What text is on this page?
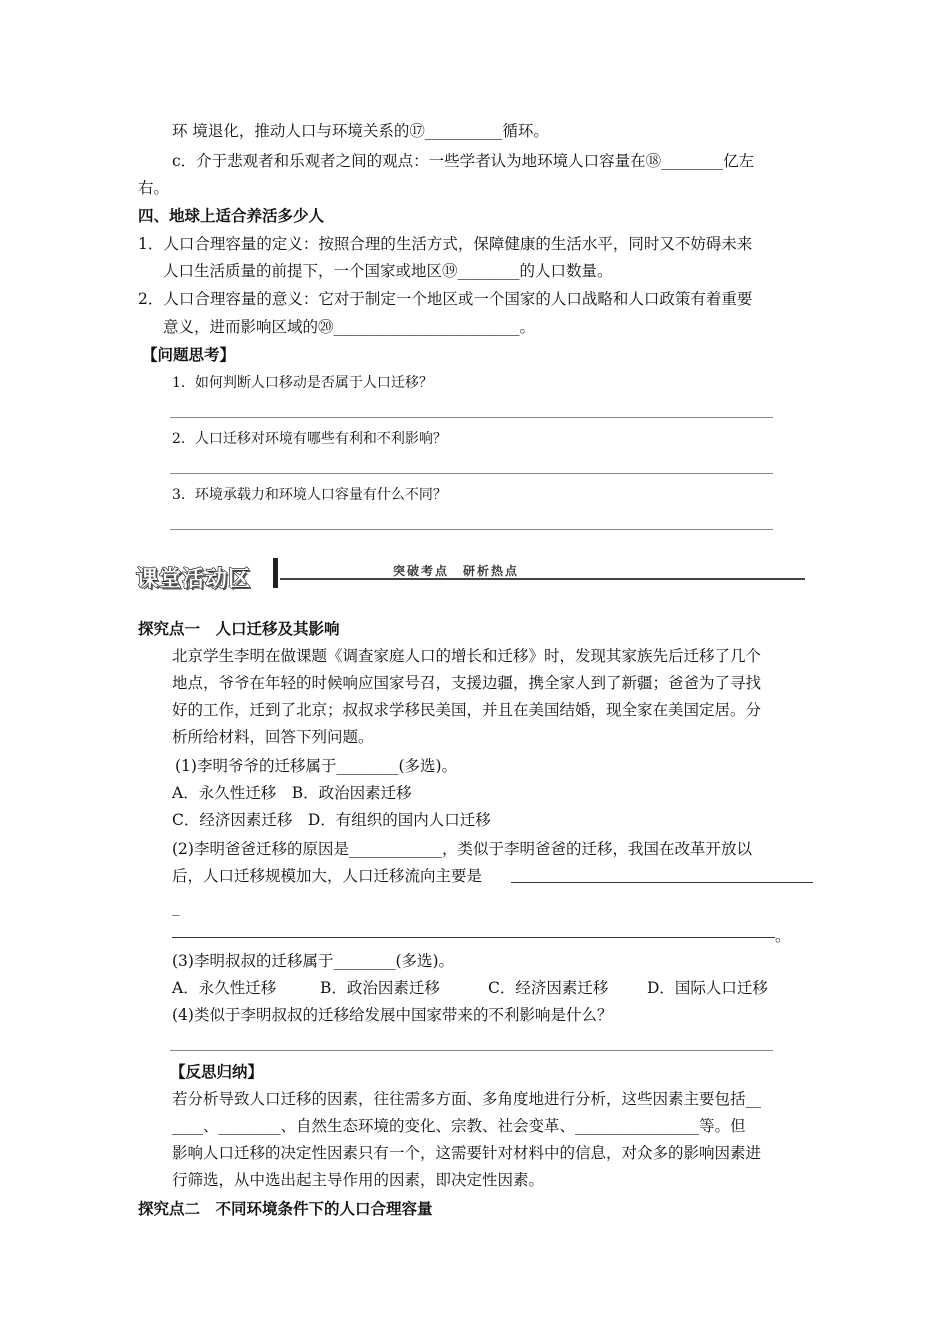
环 境退化，推动人口与环境关系的⑰__________循环。
c．介于悲观者和乐观者之间的观点：一些学者认为地环境人口容量在⑱________亿左
右。
四、地球上适合养活多少人
1．人口合理容量的定义：按照合理的生活方式，保障健康的生活水平，同时又不妨碍未来
人口生活质量的前提下，一个国家或地区⑲________的人口数量。
2．人口合理容量的意义：它对于制定一个地区或一个国家的人口战略和人口政策有着重要
意义，进而影响区域的⑳________________________。
【问题思考】
1．如何判断人口移动是否属于人口迁移？
2．人口迁移对环境有哪些有利和不利影响？
3．环境承载力和环境人口容量有什么不同？
课堂活动区	突破考点　研析热点
探究点一　人口迁移及其影响
北京学生李明在做课题《调查家庭人口的增长和迁移》时，发现其家族先后迁移了几个
地点，爷爷在年轻的时候响应国家号召，支援边疆，携全家人到了新疆；爸爸为了寻找
好的工作，迁到了北京；叔叔求学移民美国，并且在美国结婚，现全家在美国定居。分
析所给材料，回答下列问题。
(1)李明爷爷的迁移属于________(多选)。
A．永久性迁移　B．政治因素迁移
C．经济因素迁移　D．有组织的国内人口迁移
(2)李明爸爸迁移的原因是____________，类似于李明爸爸的迁移，我国在改革开放以
后，人口迁移规模加大，人口迁移流向主要是
_
。
(3)李明叔叔的迁移属于________(多选)。
A．永久性迁移	B．政治因素迁移	C．经济因素迁移 D．国际人口迁移
(4)类似于李明叔叔的迁移给发展中国家带来的不利影响是什么？
【反思归纳】
若分析导致人口迁移的因素，往往需多方面、多角度地进行分析，这些因素主要包括__
____、________、自然生态环境的变化、宗教、社会变革、________________等。但
影响人口迁移的决定性因素只有一个，这需要针对材料中的信息，对众多的影响因素进
行筛选，从中选出起主导作用的因素，即决定性因素。
探究点二　不同环境条件下的人口合理容量
